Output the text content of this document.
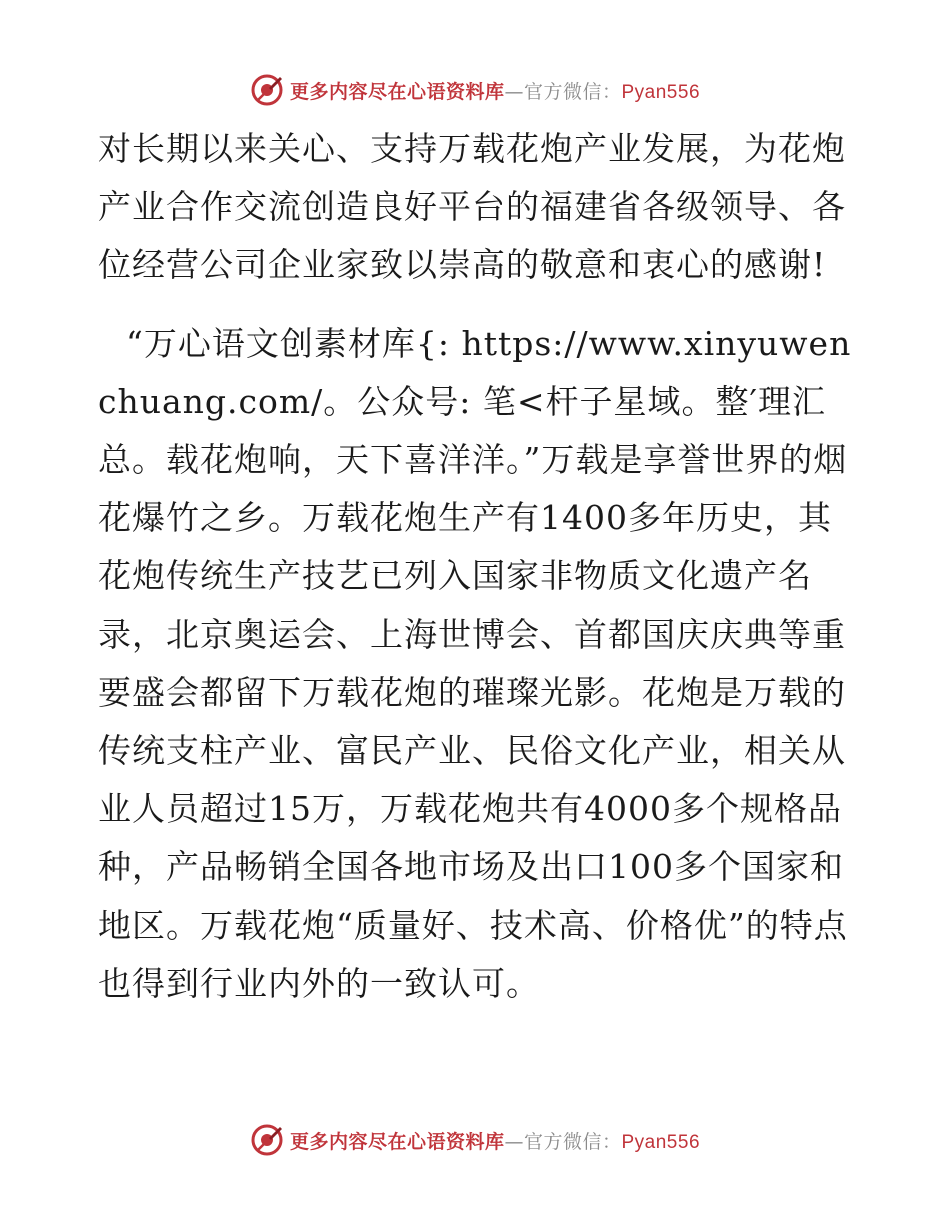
更多内容尽在心语资料库—官方微信：Pyan556

对长期以来关心、支持万载花炮产业发展，为花炮产业合作交流创造良好平台的福建省各级领导、各位经营公司企业家致以崇高的敬意和衷心的感谢!

“万心语文创素材库{: https://www.xinyuwenchuang.com/。公众号: 笔<杆子星域。整′理汇总。载花炮响，天下喜洋洋。”万载是享誉世界的烟花爆竹之乡。万载花炮生产有1400多年历史，其花炮传统生产技艺已列入国家非物质文化遗产名录，北京奥运会、上海世博会、首都国庆庆典等重要盛会都留下万载花炮的璀璨光影。花炮是万载的传统支柱产业、富民产业、民俗文化产业，相关从业人员超过15万，万载花炮共有4000多个规格品种，产品畅销全国各地市场及出口100多个国家和地区。万载花炮“质量好、技术高、价格优”的特点也得到行业内外的一致认可。

更多内容尽在心语资料库—官方微信：Pyan556
